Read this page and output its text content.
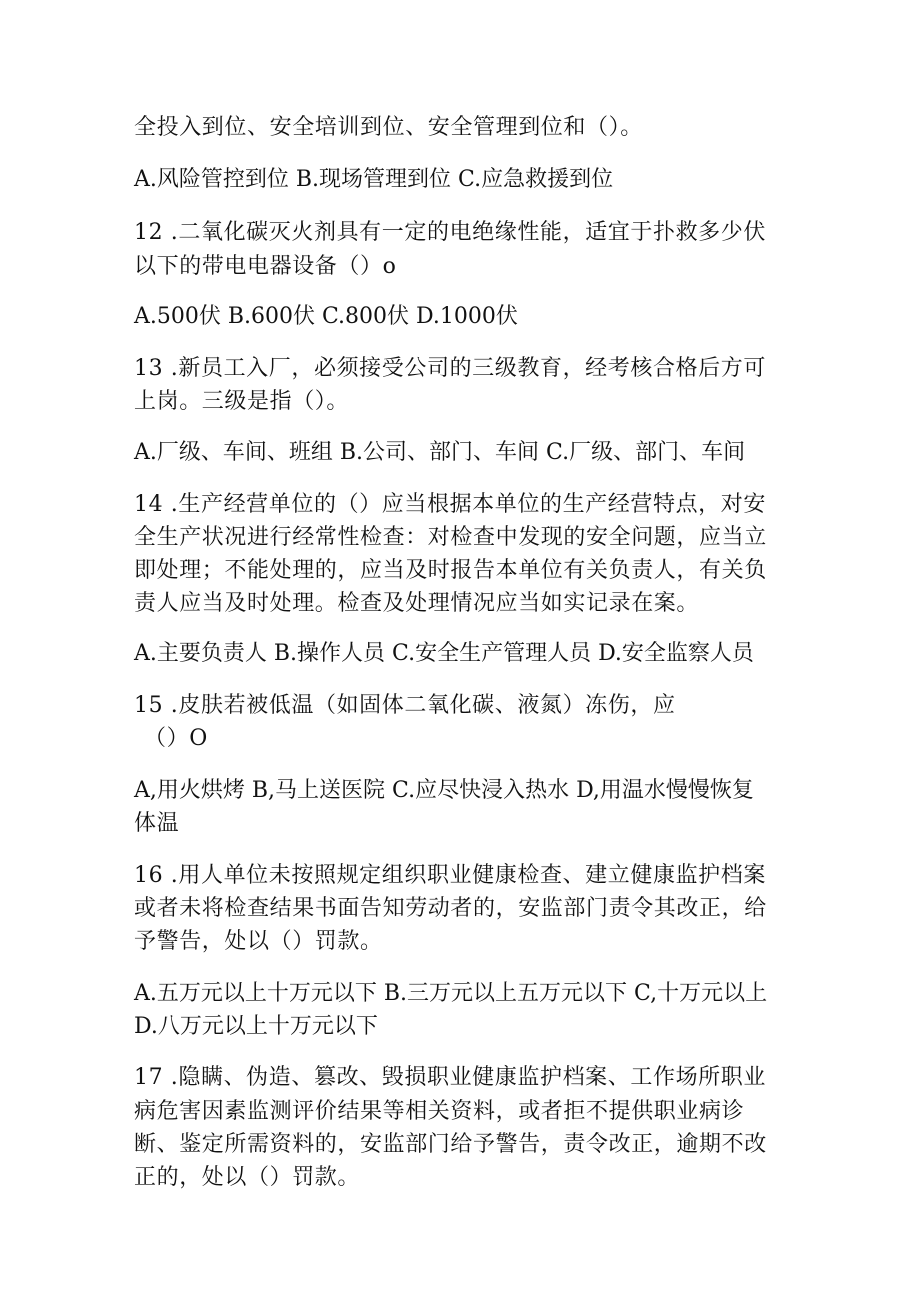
全投入到位、安全培训到位、安全管理到位和（）。

A.风险管控到位 B.现场管理到位 C.应急救援到位

12 .二氧化碳灭火剂具有一定的电绝缘性能，适宜于扑救多少伏

以下的带电电器设备（）o

A.500伏 B.600伏 C.800伏 D.1000伏

13 .新员工入厂，必须接受公司的三级教育，经考核合格后方可

上岗。三级是指（）。

A.厂级、车间、班组 B.公司、部门、车间 C.厂级、部门、车间

14 .生产经营单位的（）应当根据本单位的生产经营特点，对安

全生产状况进行经常性检查：对检查中发现的安全问题，应当立

即处理；不能处理的，应当及时报告本单位有关负责人，有关负

责人应当及时处理。检查及处理情况应当如实记录在案。

A.主要负责人 B.操作人员 C.安全生产管理人员 D.安全监察人员

15 .皮肤若被低温（如固体二氧化碳、液氮）冻伤，应

（）O

A,用火烘烤 B,马上送医院 C.应尽快浸入热水 D,用温水慢慢恢复

体温

16 .用人单位未按照规定组织职业健康检查、建立健康监护档案

或者未将检查结果书面告知劳动者的，安监部门责令其改正，给

予警告，处以（）罚款。

A.五万元以上十万元以下 B.三万元以上五万元以下 C,十万元以上

D.八万元以上十万元以下

17 .隐瞒、伪造、篡改、毁损职业健康监护档案、工作场所职业

病危害因素监测评价结果等相关资料，或者拒不提供职业病诊

断、鉴定所需资料的，安监部门给予警告，责令改正，逾期不改

正的，处以（）罚款。
